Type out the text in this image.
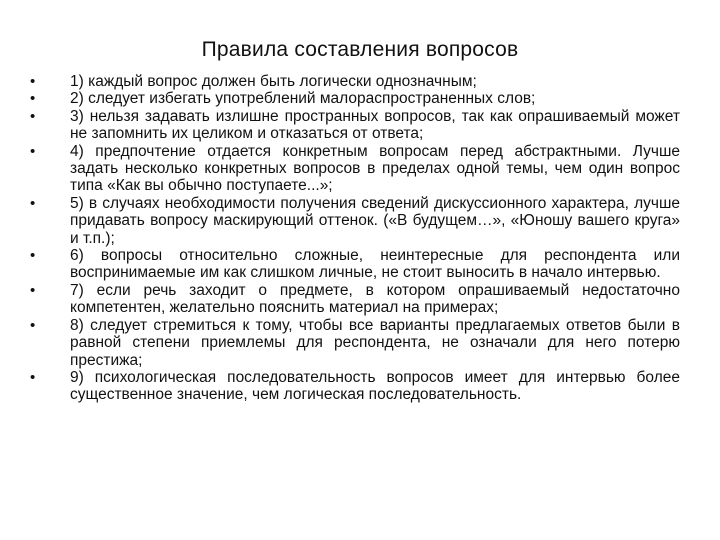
Правила составления вопросов
•	1) каждый вопрос должен быть логически однозначным;
•	2) следует избегать употреблений малораспространенных слов;
•	3) нельзя задавать излишне пространных вопросов, так как опрашиваемый может не запомнить их целиком и отказаться от ответа;
•	4) предпочтение отдается конкретным вопросам перед абстрактными. Лучше задать несколько конкретных вопросов в пределах одной темы, чем один вопрос типа «Как вы обычно поступаете...»;
•	5) в случаях необходимости получения сведений дискуссионного характера, лучше придавать вопросу маскирующий оттенок. («В будущем…», «Юношу вашего круга» и т.п.);
•	6) вопросы относительно сложные, неинтересные для респондента или воспринимаемые им как слишком личные, не стоит выносить в начало интервью.
•	7) если речь заходит о предмете, в котором опрашиваемый недостаточно компетентен, желательно пояснить материал на примерах;
•	8) следует стремиться к тому, чтобы все варианты предлагаемых ответов были в равной степени приемлемы для респондента, не означали для него потерю престижа;
•	9) психологическая последовательность вопросов имеет для интервью более существенное значение, чем логическая последовательность.
